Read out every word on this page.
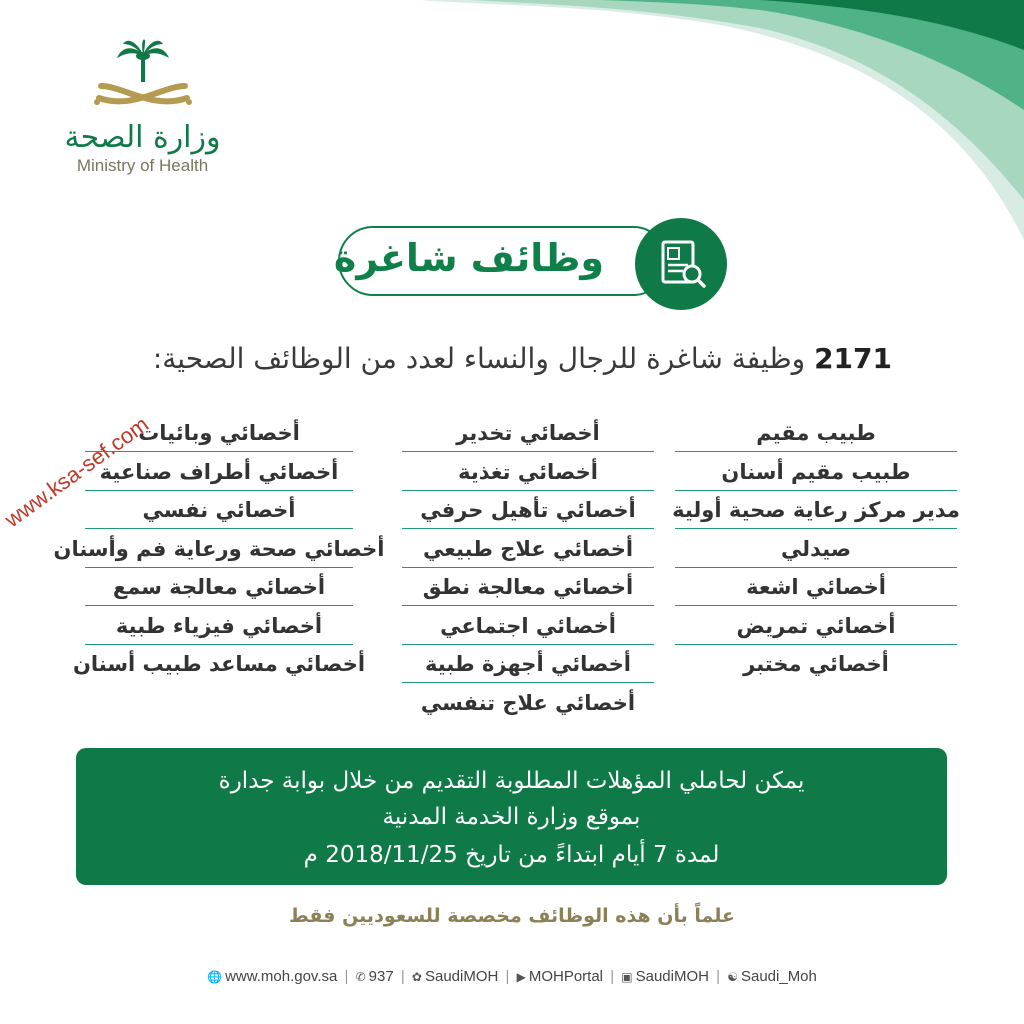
وزارة الصحة
Ministry of Health
وظائف شاغرة
2171 وظيفة شاغرة للرجال والنساء لعدد من الوظائف الصحية:
طبيب مقيم
طبيب مقيم أسنان
مدير مركز رعاية صحية أولية
صيدلي
أخصائي اشعة
أخصائي تمريض
أخصائي مختبر
أخصائي تخدير
أخصائي تغذية
أخصائي تأهيل حرفي
أخصائي علاج طبيعي
أخصائي معالجة نطق
أخصائي اجتماعي
أخصائي أجهزة طبية
أخصائي علاج تنفسي
أخصائي وبائيات
أخصائي أطراف صناعية
أخصائي نفسي
أخصائي صحة ورعاية فم وأسنان
أخصائي معالجة سمع
أخصائي فيزياء طبية
أخصائي مساعد طبيب أسنان
www.ksa-sef.com
يمكن لحاملي المؤهلات المطلوبة التقديم من خلال بوابة جدارة
بموقع وزارة الخدمة المدنية
لمدة 7 أيام ابتداءً من تاريخ 2018/11/25 م
علماً بأن هذه الوظائف مخصصة للسعوديين فقط
🌐 www.moh.gov.sa | ✆ 937 | ✿ SaudiMOH | ▶ MOHPortal | ▣ SaudiMOH | ☯ Saudi_Moh
